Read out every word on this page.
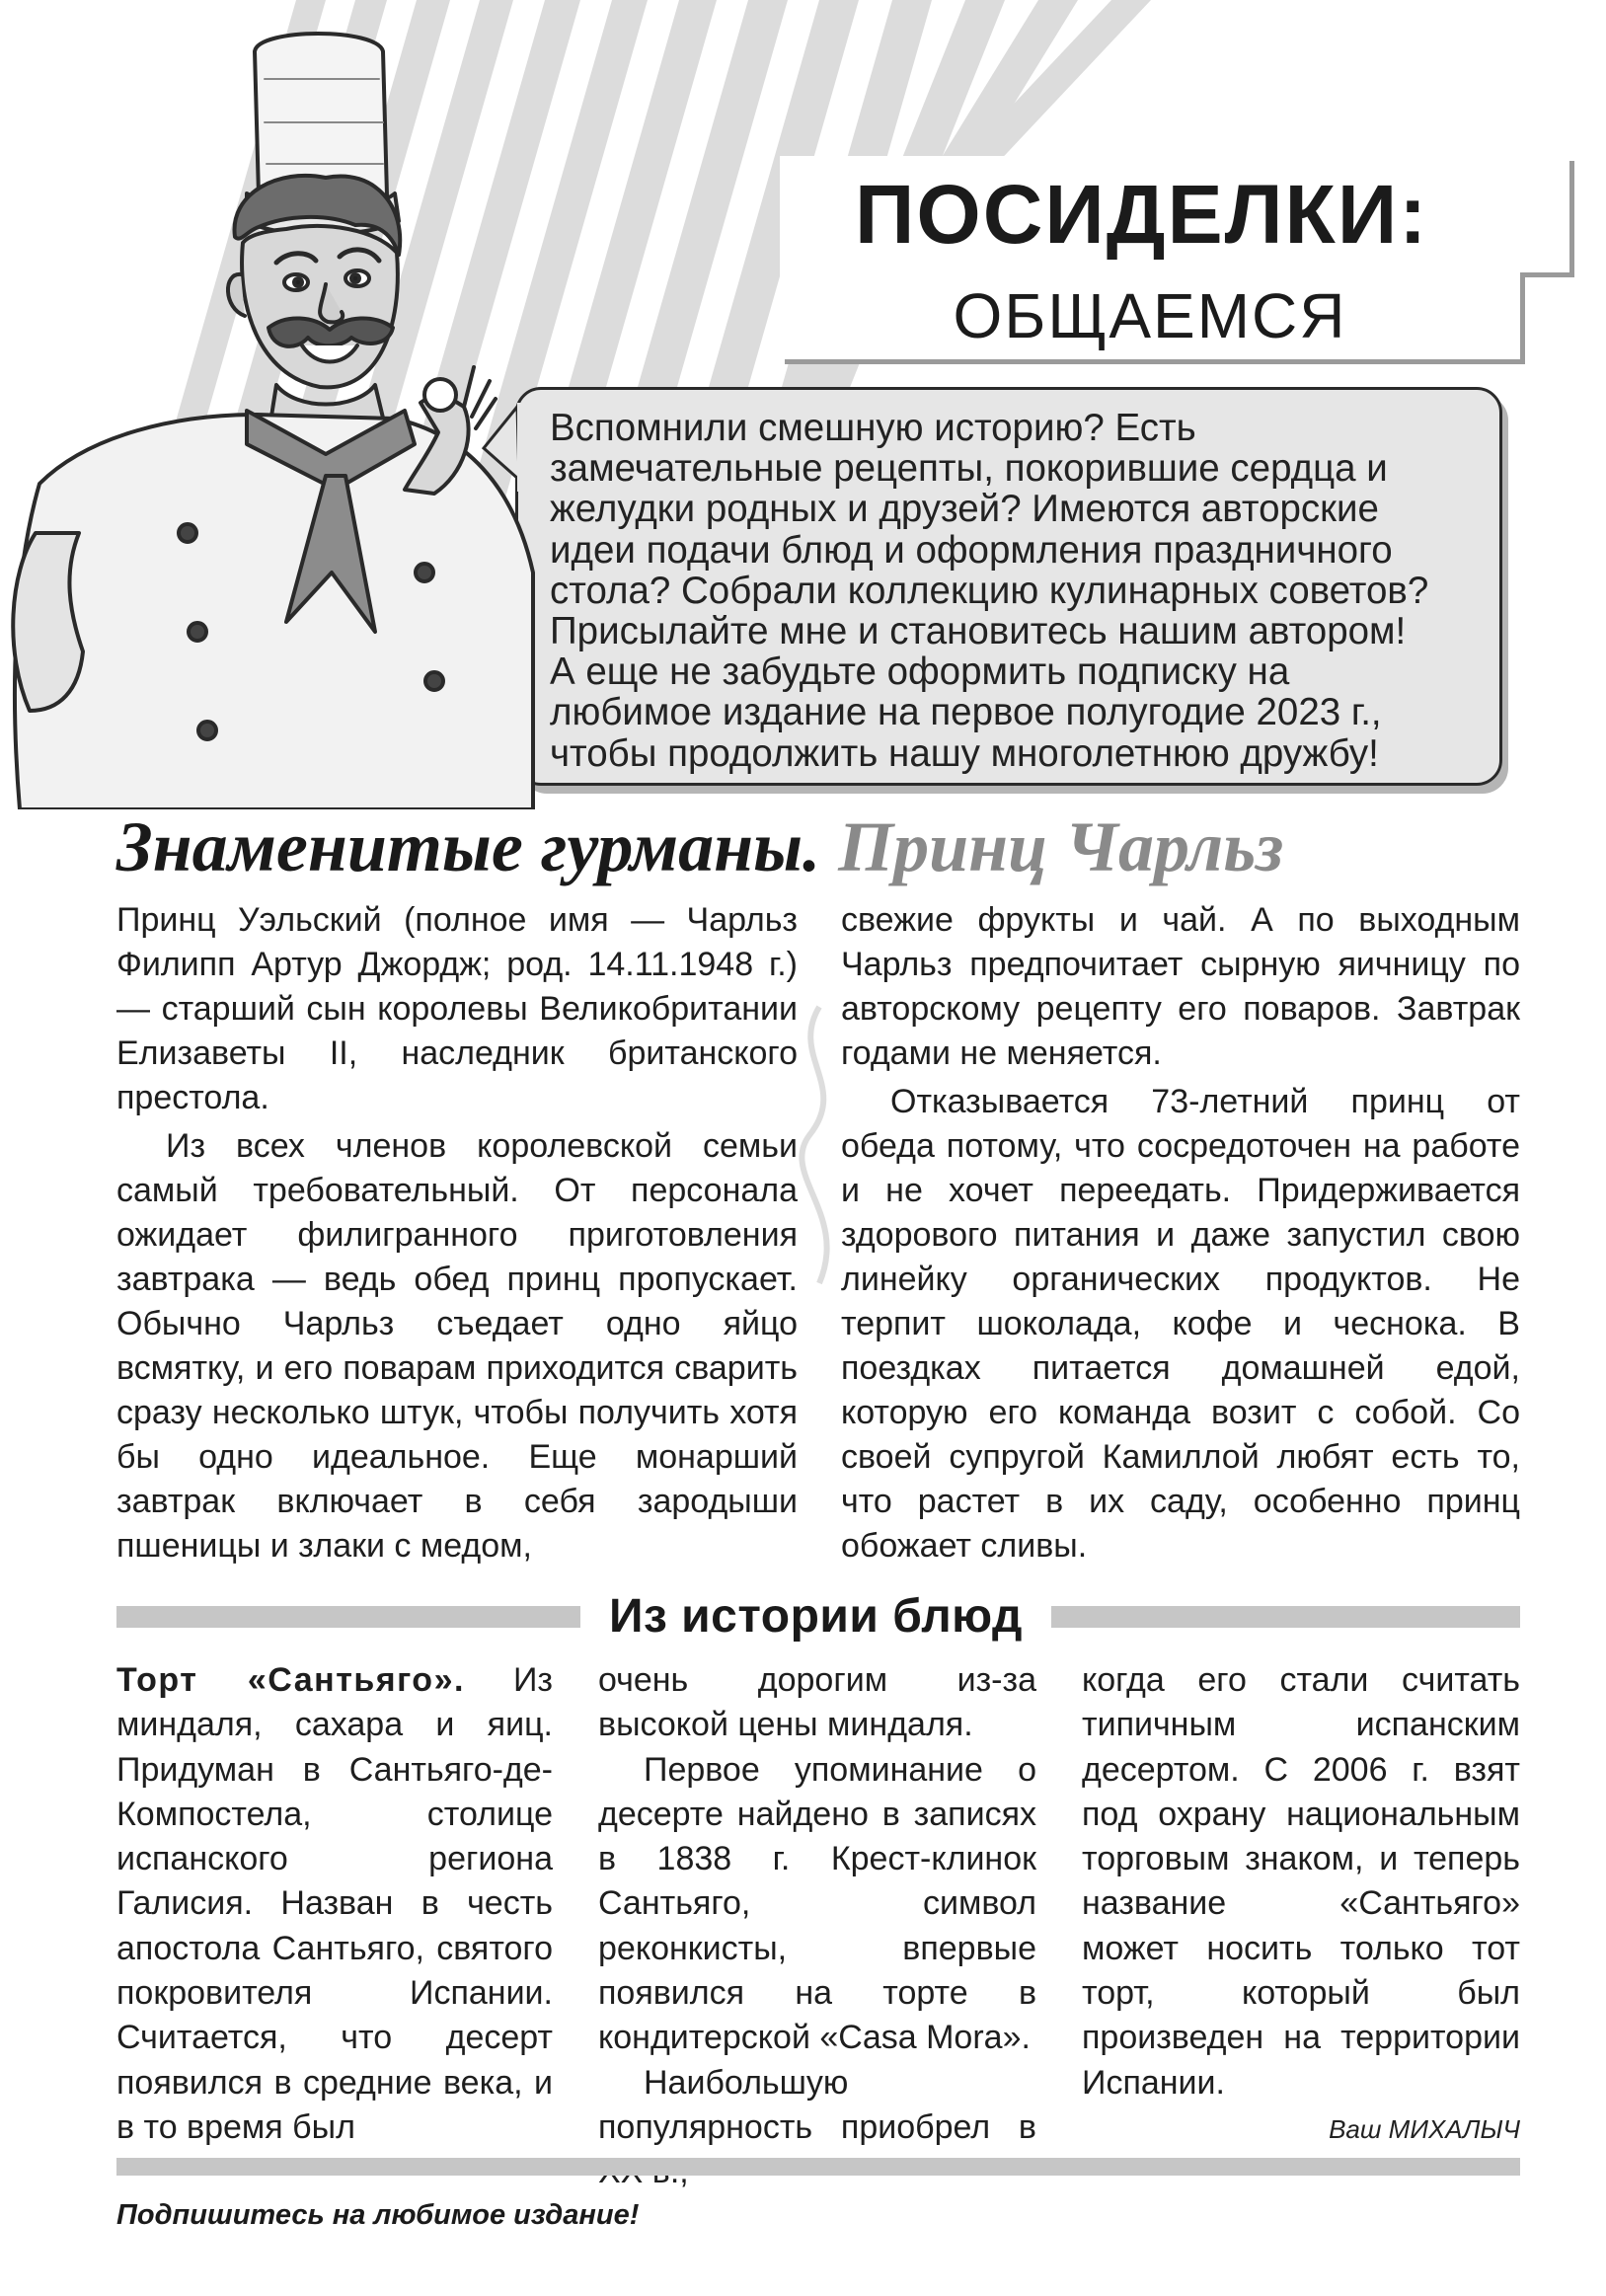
ПОСИДЕЛКИ:
ОБЩАЕМСЯ
Вспомнили смешную историю? Есть
замечательные рецепты, покорившие сердца и
желудки родных и друзей? Имеются авторские
идеи подачи блюд и оформления праздничного
стола? Собрали коллекцию кулинарных советов?
Присылайте мне и становитесь нашим автором!
А еще не забудьте оформить подписку на
любимое издание на первое полугодие 2023 г.,
чтобы продолжить нашу многолетнюю дружбу!
Знаменитые гурманы. Принц Чарльз

Принц Уэльский (полное имя — Чарльз Филипп Артур Джордж; род. 14.11.1948 г.) — старший сын королевы Великобритании Елизаветы II, наследник британского престола.

Из всех членов королевской семьи самый требовательный. От персонала ожидает филигранного приготовления завтрака — ведь обед принц пропускает. Обычно Чарльз съедает одно яйцо всмятку, и его поварам приходится сварить сразу несколько штук, чтобы получить хотя бы одно идеальное. Еще монарший завтрак включает в себя зародыши пшеницы и злаки с медом,

свежие фрукты и чай. А по выходным Чарльз предпочитает сырную яичницу по авторскому рецепту его поваров. Завтрак годами не меняется.

Отказывается 73-летний принц от обеда потому, что сосредоточен на работе и не хочет переедать. Придерживается здорового питания и даже запустил свою линейку органических продуктов. Не терпит шоколада, кофе и чеснока. В поездках питается домашней едой, которую его команда возит с собой. Со своей супругой Камиллой любят есть то, что растет в их саду, особенно принц обожает сливы.

Из истории блюд

Торт «Сантьяго». Из миндаля, сахара и яиц. Придуман в Сантьяго-де-Компостела, столице испанского региона Галисия. Назван в честь апостола Сантьяго, святого покровителя Испании. Считается, что десерт появился в средние века, и в то время был

очень дорогим из-за высокой цены миндаля.

Первое упоминание о десерте найдено в записях в 1838 г. Крест-клинок Сантьяго, символ реконкисты, впервые появился на торте в кондитерской «Casa Mora».

Наибольшую популярность приобрел в

когда его стали считать типичным испанским десертом. С 2006 г. взят под охрану национальным торговым знаком, и теперь название «Сантьяго» может носить только тот торт, который был произведен на территории Испании.

Ваш МИХАЛЫЧ
Подпишитесь на любимое издание!
